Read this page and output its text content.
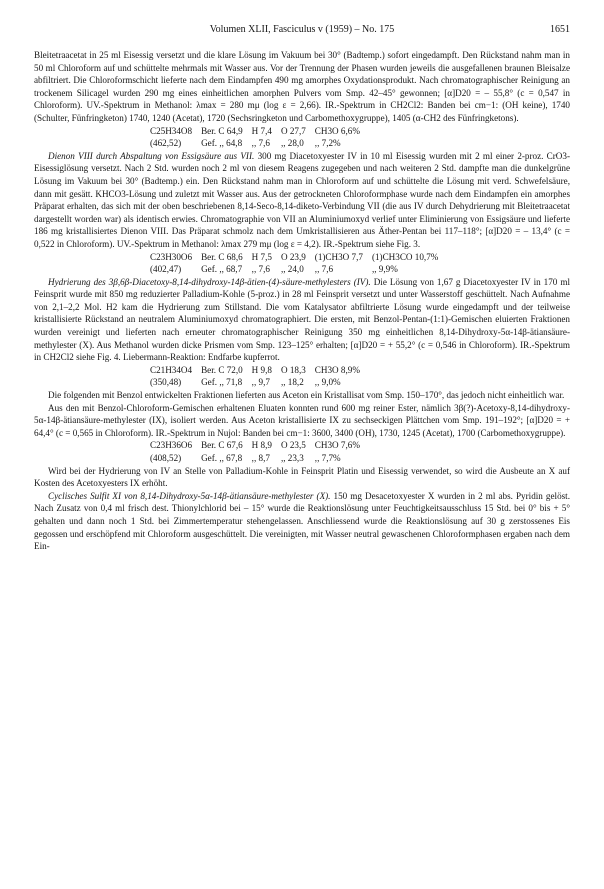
Volumen XLII, Fasciculus v (1959) – No. 175	1651

Bleitetraacetat in 25 ml Eisessig versetzt und die klare Lösung im Vakuum bei 30° (Badtemp.) sofort eingedampft. Den Rückstand nahm man in 50 ml Chloroform auf und schüttelte mehrmals mit Wasser aus. Vor der Trennung der Phasen wurden jeweils die ausgefallenen braunen Bleisalze abfiltriert. Die Chloroformschicht lieferte nach dem Eindampfen 490 mg amorphes Oxydationsprodukt. Nach chromatographischer Reinigung an trockenem Silicagel wurden 290 mg eines einheitlichen amorphen Pulvers vom Smp. 42–45° gewonnen; [α]D20 = – 55,8° (c = 0,547 in Chloroform). UV.-Spektrum in Methanol: λmax = 280 mμ (log ε = 2,66). IR.-Spektrum in CH2Cl2: Banden bei cm−1: (OH keine), 1740 (Schulter, Fünfringketon) 1740, 1240 (Acetat), 1720 (Sechsringketon und Carbomethoxygruppe), 1405 (α-CH2 des Fünfringketons).

C25H34O8	Ber. C 64,9	H 7,4	O 27,7	CH3O 6,6%
(462,52)	Gef. ,, 64,8	,, 7,6	,, 28,0	,, 7,2%

Dienon VIII durch Abspaltung von Essigsäure aus VII. 300 mg Diacetoxyester IV in 10 ml Eisessig wurden mit 2 ml einer 2-proz. CrO3-Eisessiglösung versetzt. Nach 2 Std. wurden noch 2 ml von diesem Reagens zugegeben und nach weiteren 2 Std. dampfte man die dunkelgrüne Lösung im Vakuum bei 30° (Badtemp.) ein. Den Rückstand nahm man in Chloroform auf und schüttelte die Lösung mit verd. Schwefelsäure, dann mit gesätt. KHCO3-Lösung und zuletzt mit Wasser aus. Aus der getrockneten Chloroformphase wurde nach dem Eindampfen ein amorphes Präparat erhalten, das sich mit der oben beschriebenen 8,14-Seco-8,14-diketo-Verbindung VII (die aus IV durch Dehydrierung mit Bleitetraacetat dargestellt worden war) als identisch erwies. Chromatographie von VII an Aluminiumoxyd verlief unter Eliminierung von Essigsäure und lieferte 186 mg kristallisiertes Dienon VIII. Das Präparat schmolz nach dem Umkristallisieren aus Äther-Pentan bei 117–118°; [α]D20 = – 13,4° (c = 0,522 in Chloroform). UV.-Spektrum in Methanol: λmax 279 mμ (log ε = 4,2). IR.-Spektrum siehe Fig. 3.

C23H30O6	Ber. C 68,6	H 7,5	O 23,9	(1)CH3O 7,7	(1)CH3CO 10,7%
(402,47)	Gef. ,, 68,7	,, 7,6	,, 24,0	,, 7,6	,, 9,9%

Hydrierung des 3β,6β-Diacetoxy-8,14-dihydroxy-14β-ätien-(4)-säure-methylesters (IV). Die Lösung von 1,67 g Diacetoxyester IV in 170 ml Feinsprit wurde mit 850 mg reduzierter Palladium-Kohle (5-proz.) in 28 ml Feinsprit versetzt und unter Wasserstoff geschüttelt. Nach Aufnahme von 2,1–2,2 Mol. H2 kam die Hydrierung zum Stillstand. Die vom Katalysator abfiltrierte Lösung wurde eingedampft und der teilweise kristallisierte Rückstand an neutralem Aluminiumoxyd chromatographiert. Die ersten, mit Benzol-Pentan-(1:1)-Gemischen eluierten Fraktionen wurden vereinigt und lieferten nach erneuter chromatographischer Reinigung 350 mg einheitlichen 8,14-Dihydroxy-5α-14β-ätiansäure-methylester (X). Aus Methanol wurden dicke Prismen vom Smp. 123–125° erhalten; [α]D20 = + 55,2° (c = 0,546 in Chloroform). IR.-Spektrum in CH2Cl2 siehe Fig. 4. Liebermann-Reaktion: Endfarbe kupferrot.

C21H34O4	Ber. C 72,0	H 9,8	O 18,3	CH3O 8,9%
(350,48)	Gef. ,, 71,8	,, 9,7	,, 18,2	,, 9,0%

Die folgenden mit Benzol entwickelten Fraktionen lieferten aus Aceton ein Kristallisat vom Smp. 150–170°, das jedoch nicht einheitlich war.

Aus den mit Benzol-Chloroform-Gemischen erhaltenen Eluaten konnten rund 600 mg reiner Ester, nämlich 3β(?)-Acetoxy-8,14-dihydroxy-5α-14β-ätiansäure-methylester (IX), isoliert werden. Aus Aceton kristallisierte IX zu sechseckigen Plättchen vom Smp. 191–192°; [α]D20 = + 64,4° (c = 0,565 in Chloroform). IR.-Spektrum in Nujol: Banden bei cm−1: 3600, 3400 (OH), 1730, 1245 (Acetat), 1700 (Carbomethoxygruppe).

C23H36O6	Ber. C 67,6	H 8,9	O 23,5	CH3O 7,6%
(408,52)	Gef. ,, 67,8	,, 8,7	,, 23,3	,, 7,7%

Wird bei der Hydrierung von IV an Stelle von Palladium-Kohle in Feinsprit Platin und Eisessig verwendet, so wird die Ausbeute an X auf Kosten des Acetoxyesters IX erhöht.

Cyclisches Sulfit XI von 8,14-Dihydroxy-5α-14β-ätiansäure-methylester (X). 150 mg Desacetoxyester X wurden in 2 ml abs. Pyridin gelöst. Nach Zusatz von 0,4 ml frisch dest. Thionylchlorid bei – 15° wurde die Reaktionslösung unter Feuchtigkeitsausschluss 15 Std. bei 0° bis + 5° gehalten und dann noch 1 Std. bei Zimmertemperatur stehengelassen. Anschliessend wurde die Reaktionslösung auf 30 g zerstossenes Eis gegossen und erschöpfend mit Chloroform ausgeschüttelt. Die vereinigten, mit Wasser neutral gewaschenen Chloroformphasen ergaben nach dem Ein-
